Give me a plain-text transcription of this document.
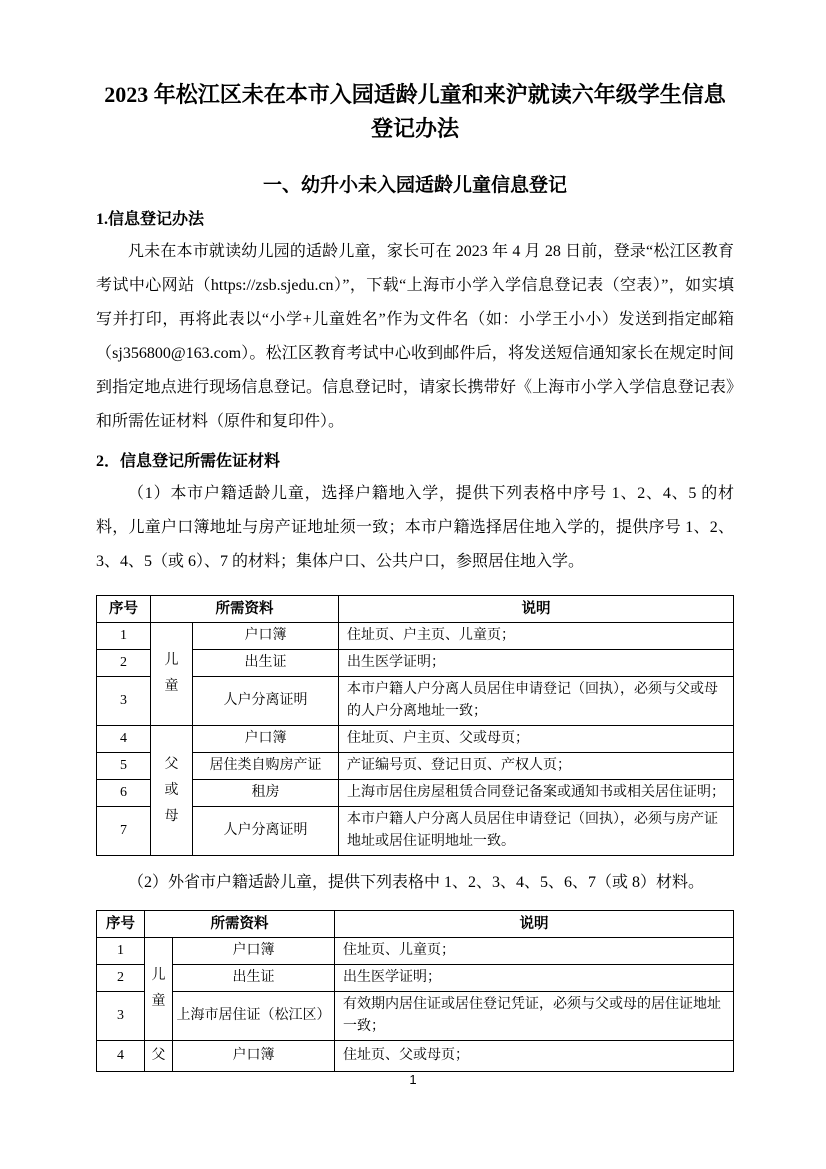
2023 年松江区未在本市入园适龄儿童和来沪就读六年级学生信息登记办法
一、幼升小未入园适龄儿童信息登记
1.信息登记办法
凡未在本市就读幼儿园的适龄儿童，家长可在 2023 年 4 月 28 日前，登录“松江区教育考试中心网站（https://zsb.sjedu.cn）”，下载“上海市小学入学信息登记表（空表）”，如实填写并打印，再将此表以“小学+儿童姓名”作为文件名（如：小学王小小）发送到指定邮箱（sj356800@163.com）。松江区教育考试中心收到邮件后，将发送短信通知家长在规定时间到指定地点进行现场信息登记。信息登记时，请家长携带好《上海市小学入学信息登记表》和所需佐证材料（原件和复印件）。
2．信息登记所需佐证材料
（1）本市户籍适龄儿童，选择户籍地入学，提供下列表格中序号 1、2、4、5 的材料，儿童户口簿地址与房产证地址须一致；本市户籍选择居住地入学的，提供序号 1、2、3、4、5（或 6）、7 的材料；集体户口、公共户口，参照居住地入学。
序号	所需资料		说明
1	儿童	户口簿	住址页、户主页、儿童页；
2		出生证	出生医学证明；
3		人户分离证明	本市户籍人户分离人员居住申请登记（回执），必须与父或母的人户分离地址一致；
4	父或母	户口簿	住址页、户主页、父或母页；
5		居住类自购房产证	产证编号页、登记日页、产权人页；
6		租房	上海市居住房屋租赁合同登记备案或通知书或相关居住证明；
7		人户分离证明	本市户籍人户分离人员居住申请登记（回执），必须与房产证地址或居住证明地址一致。
（2）外省市户籍适龄儿童，提供下列表格中 1、2、3、4、5、6、7（或 8）材料。
序号	所需资料		说明
1	儿童	户口簿	住址页、儿童页；
2		出生证	出生医学证明；
3		上海市居住证（松江区）	有效期内居住证或居住登记凭证，必须与父或母的居住证地址一致；
4	父	户口簿	住址页、父或母页；
1
